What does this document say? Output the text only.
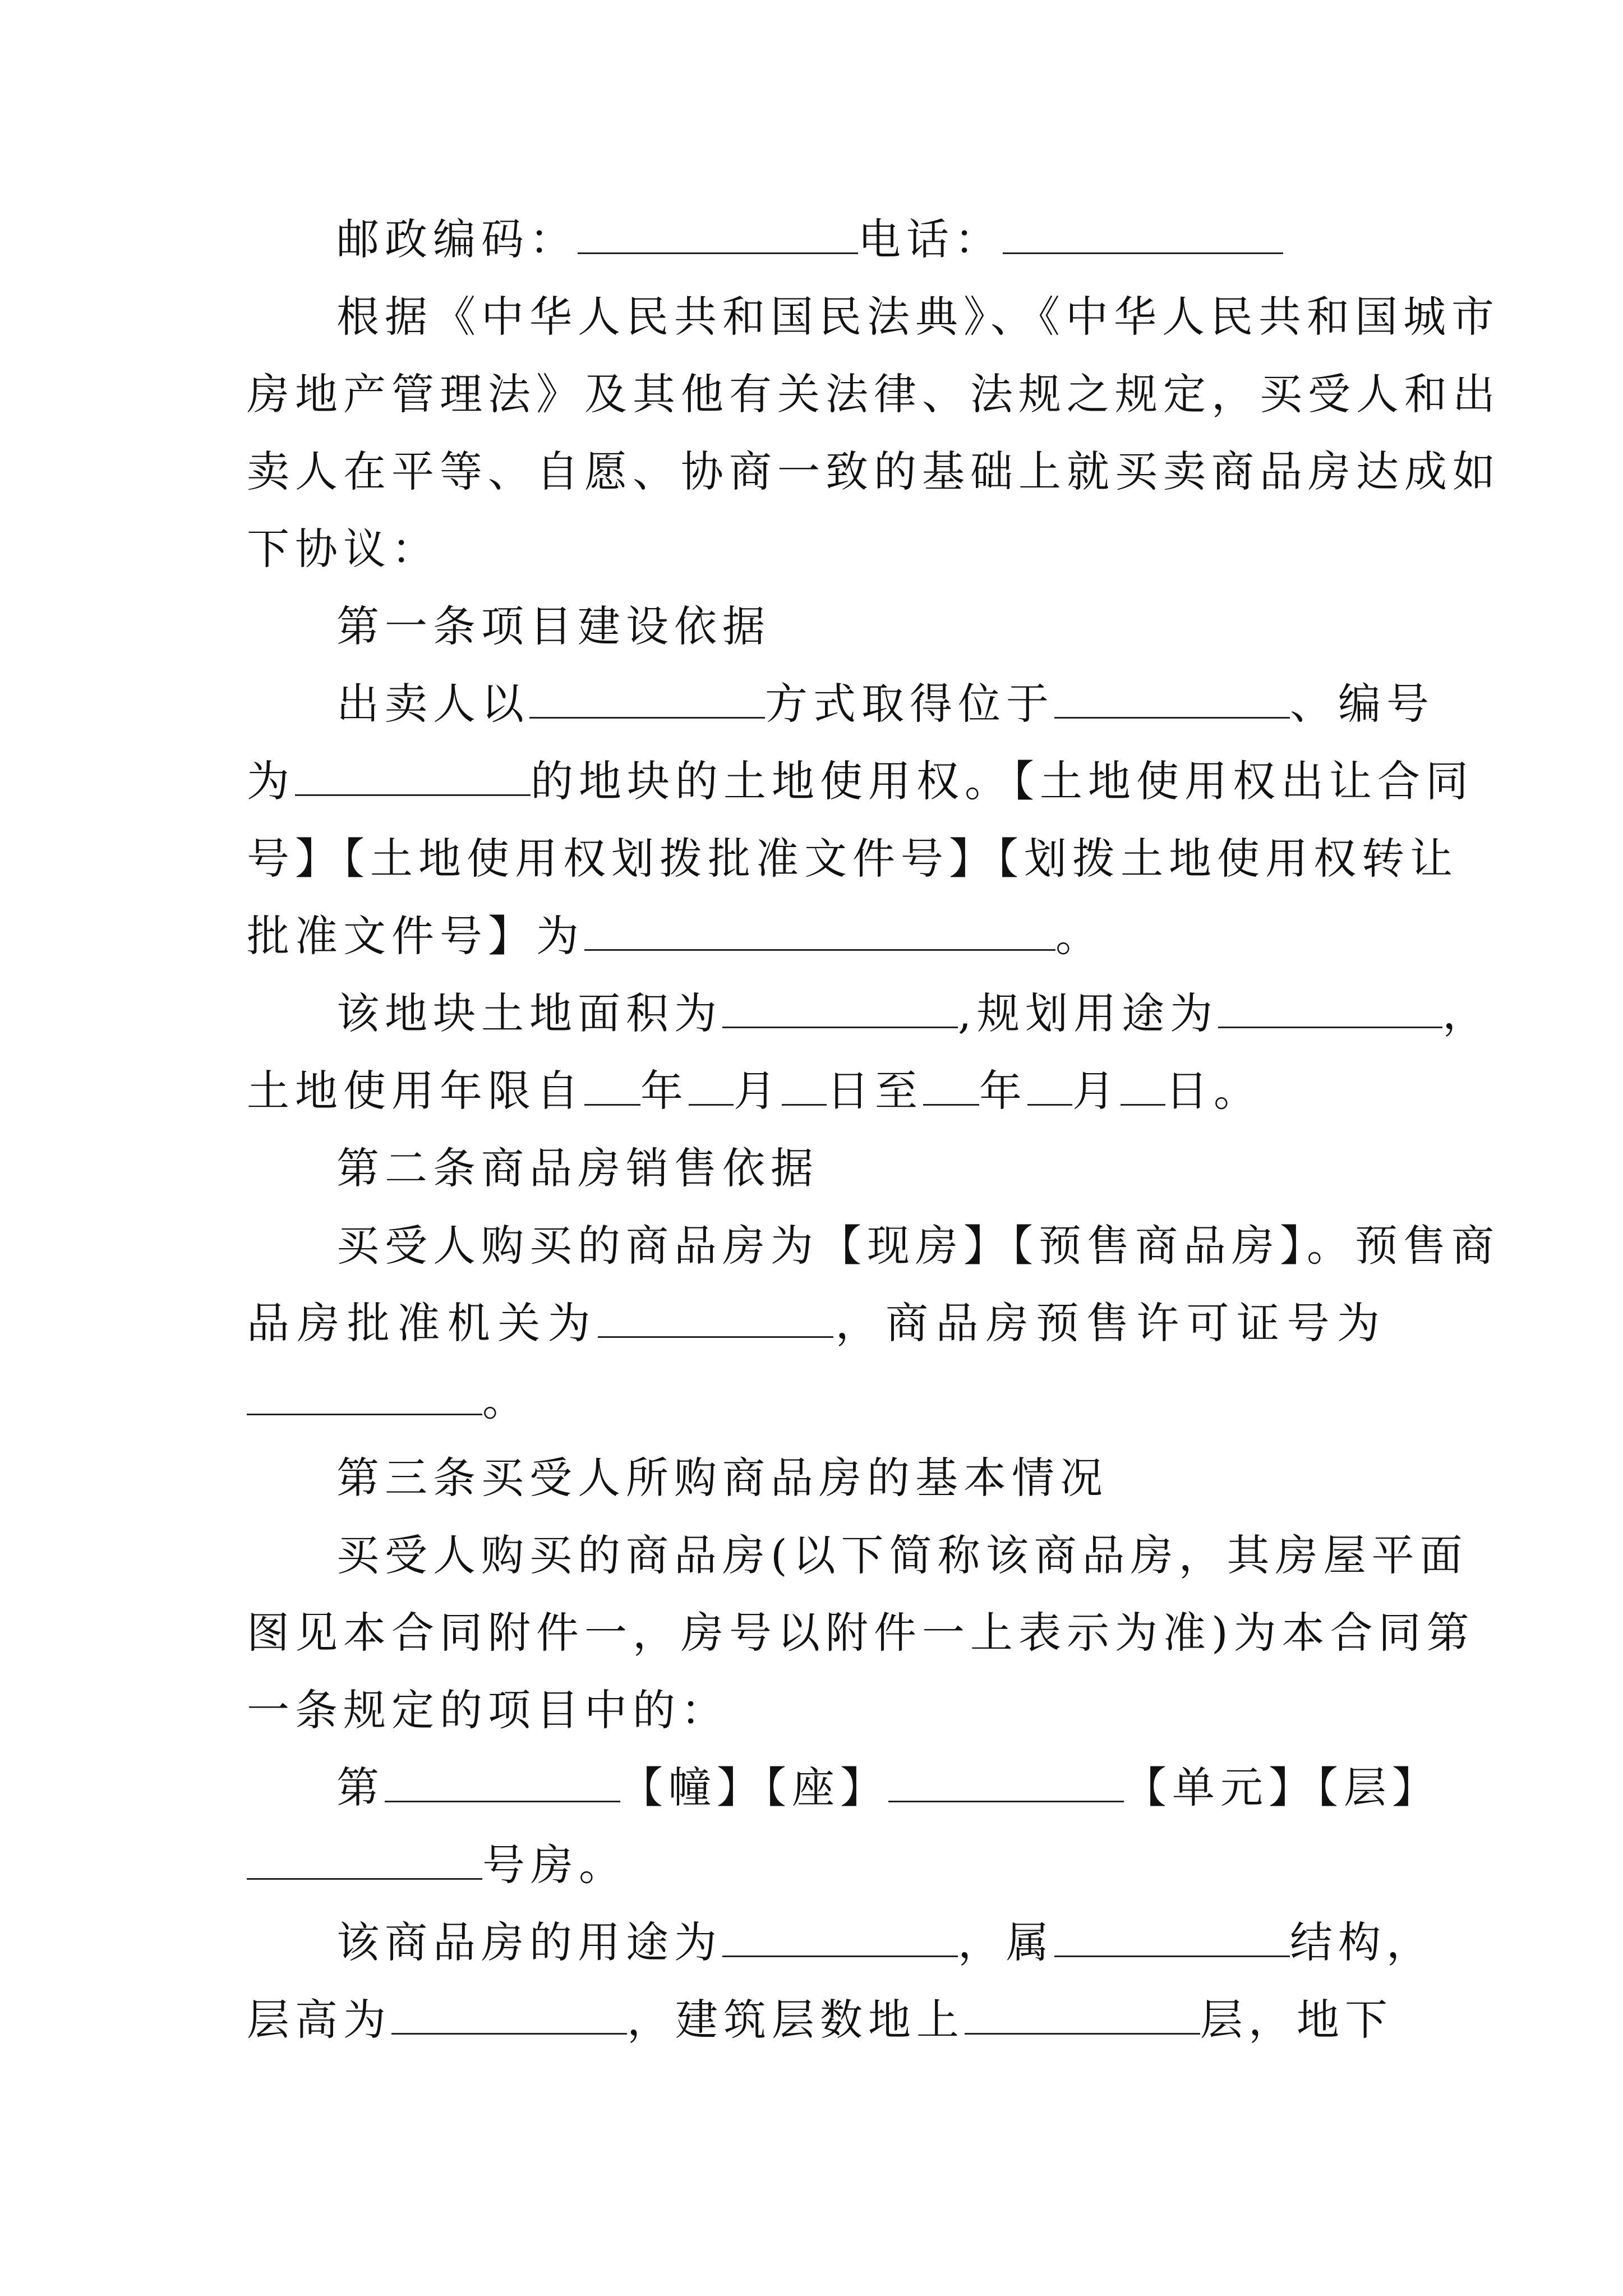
邮政编码：	电话：
根据《中华人民共和国民法典》、《中华人民共和国城市
房地产管理法》及其他有关法律、法规之规定，买受人和出
卖人在平等、自愿、协商一致的基础上就买卖商品房达成如
下协议：
第一条项目建设依据
出卖人以	方式取得位于	、编号
为	的地块的土地使用权。【土地使用权出让合同
号】【土地使用权划拨批准文件号】【划拨土地使用权转让
批准文件号】为	。
该地块土地面积为	,规划用途为	，
土地使用年限自 年 月 日至 年 月 日。
第二条商品房销售依据
买受人购买的商品房为【现房】【预售商品房】。预售商
品房批准机关为	，商品房预售许可证号为
。
第三条买受人所购商品房的基本情况
买受人购买的商品房(以下简称该商品房，其房屋平面
图见本合同附件一，房号以附件一上表示为准)为本合同第
一条规定的项目中的：
第	【幢】【座】	【单元】【层】
号房。
该商品房的用途为	，属	结构，
层高为	，建筑层数地上	层，地下
